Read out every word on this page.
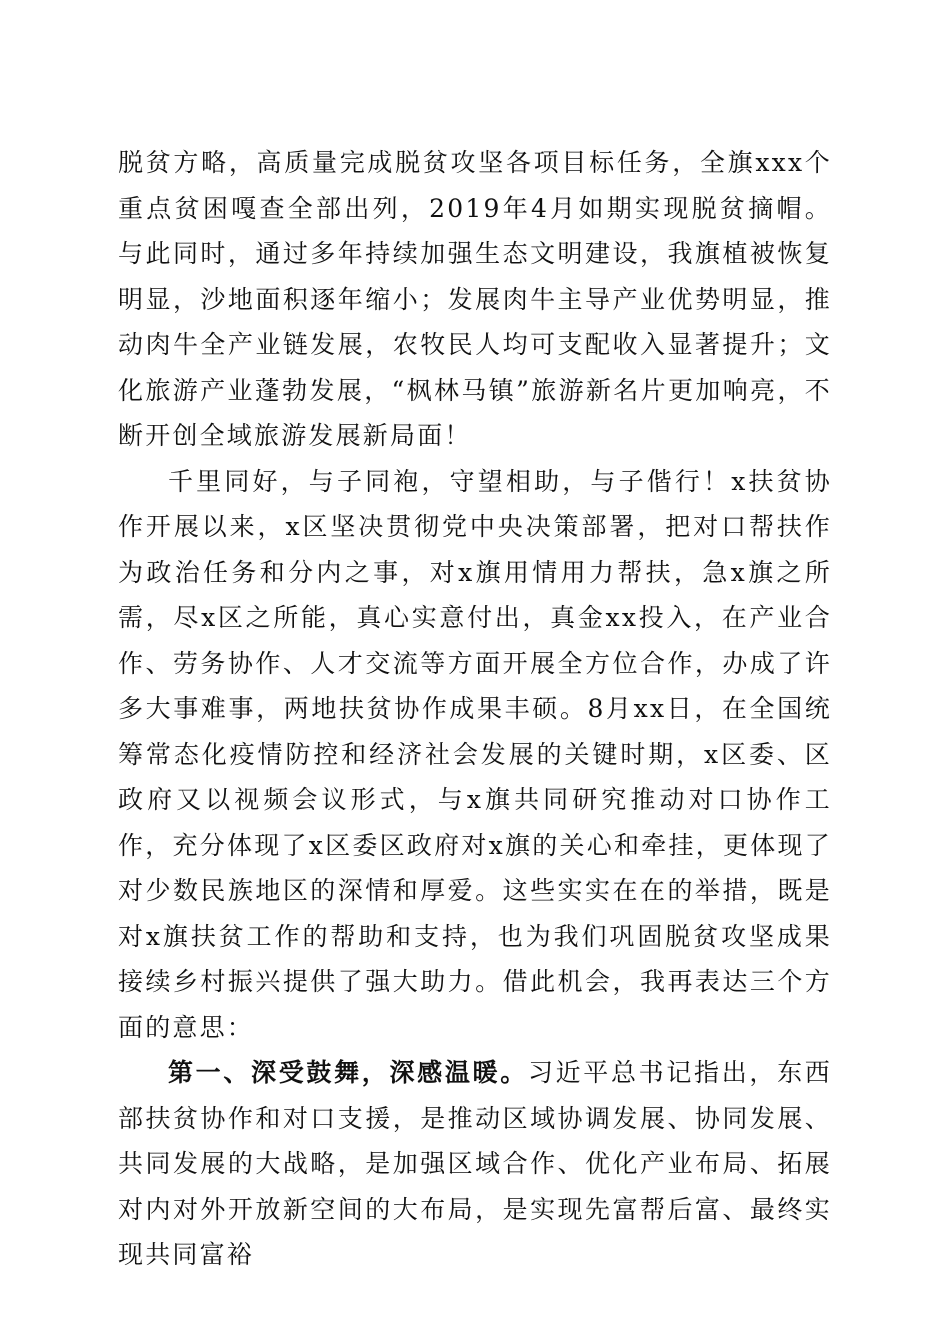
脱贫方略，高质量完成脱贫攻坚各项目标任务，全旗xxx个重点贫困嘎查全部出列，2019年4月如期实现脱贫摘帽。与此同时，通过多年持续加强生态文明建设，我旗植被恢复明显，沙地面积逐年缩小；发展肉牛主导产业优势明显，推动肉牛全产业链发展，农牧民人均可支配收入显著提升；文化旅游产业蓬勃发展，“枫林马镇”旅游新名片更加响亮，不断开创全域旅游发展新局面！

千里同好，与子同袍，守望相助，与子偕行！x扶贫协作开展以来，x区坚决贯彻党中央决策部署，把对口帮扶作为政治任务和分内之事，对x旗用情用力帮扶，急x旗之所需，尽x区之所能，真心实意付出，真金xx投入，在产业合作、劳务协作、人才交流等方面开展全方位合作，办成了许多大事难事，两地扶贫协作成果丰硕。8月xx日，在全国统筹常态化疫情防控和经济社会发展的关键时期，x区委、区政府又以视频会议形式，与x旗共同研究推动对口协作工作，充分体现了x区委区政府对x旗的关心和牵挂，更体现了对少数民族地区的深情和厚爱。这些实实在在的举措，既是对x旗扶贫工作的帮助和支持，也为我们巩固脱贫攻坚成果接续乡村振兴提供了强大助力。借此机会，我再表达三个方面的意思：

第一、深受鼓舞，深感温暖。习近平总书记指出，东西部扶贫协作和对口支援，是推动区域协调发展、协同发展、共同发展的大战略，是加强区域合作、优化产业布局、拓展对内对外开放新空间的大布局，是实现先富帮后富、最终实现共同富裕
